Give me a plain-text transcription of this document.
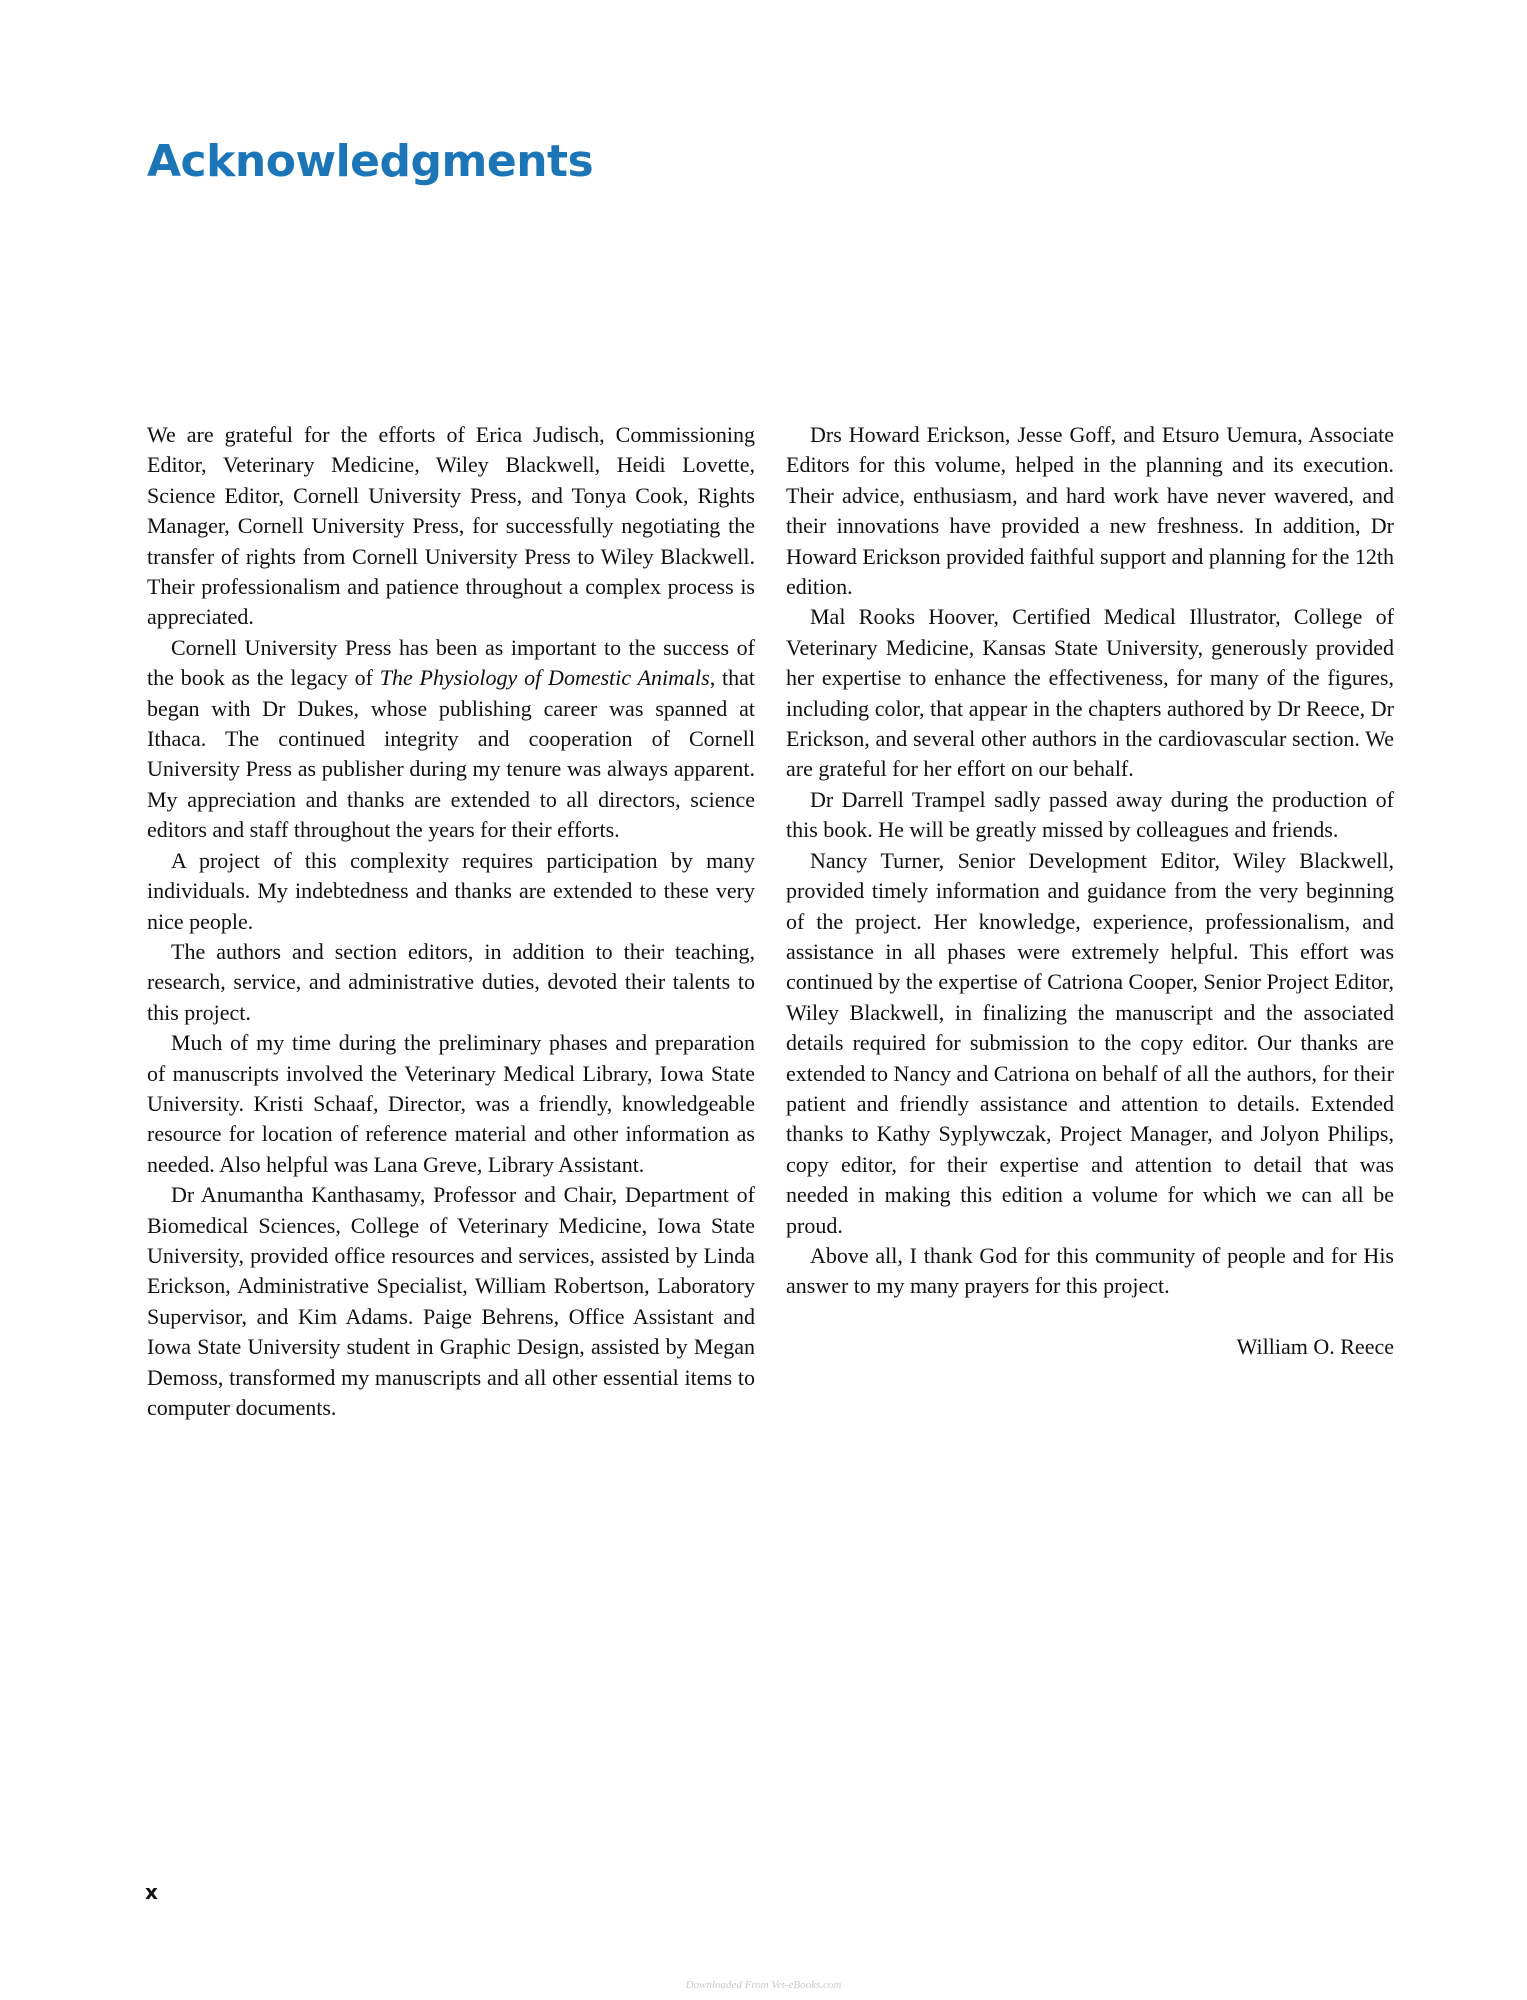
Acknowledgments

We are grateful for the efforts of Erica Judisch, Commissioning Editor, Veterinary Medicine, Wiley Blackwell, Heidi Lovette, Science Editor, Cornell University Press, and Tonya Cook, Rights Manager, Cornell University Press, for successfully negotiating the transfer of rights from Cornell University Press to Wiley Blackwell. Their professionalism and patience throughout a complex process is appreciated.

Cornell University Press has been as important to the success of the book as the legacy of The Physiology of Domestic Animals, that began with Dr Dukes, whose publishing career was spanned at Ithaca. The continued integrity and cooperation of Cornell University Press as publisher during my tenure was always apparent. My appreciation and thanks are extended to all directors, science editors and staff throughout the years for their efforts.

A project of this complexity requires participation by many individuals. My indebtedness and thanks are extended to these very nice people.

The authors and section editors, in addition to their teaching, research, service, and administrative duties, devoted their talents to this project.

Much of my time during the preliminary phases and preparation of manuscripts involved the Veterinary Medical Library, Iowa State University. Kristi Schaaf, Director, was a friendly, knowledgeable resource for location of reference material and other information as needed. Also helpful was Lana Greve, Library Assistant.

Dr Anumantha Kanthasamy, Professor and Chair, Department of Biomedical Sciences, College of Veterinary Medicine, Iowa State University, provided office resources and services, assisted by Linda Erickson, Administrative Specialist, William Robertson, Laboratory Supervisor, and Kim Adams. Paige Behrens, Office Assistant and Iowa State University student in Graphic Design, assisted by Megan Demoss, transformed my manuscripts and all other essential items to computer documents.

Drs Howard Erickson, Jesse Goff, and Etsuro Uemura, Associate Editors for this volume, helped in the planning and its execution. Their advice, enthusiasm, and hard work have never wavered, and their innovations have provided a new freshness. In addition, Dr Howard Erickson provided faithful support and planning for the 12th edition.

Mal Rooks Hoover, Certified Medical Illustrator, College of Veterinary Medicine, Kansas State University, generously provided her expertise to enhance the effectiveness, for many of the figures, including color, that appear in the chapters authored by Dr Reece, Dr Erickson, and several other authors in the cardiovascular section. We are grateful for her effort on our behalf.

Dr Darrell Trampel sadly passed away during the production of this book. He will be greatly missed by colleagues and friends.

Nancy Turner, Senior Development Editor, Wiley Blackwell, provided timely information and guidance from the very beginning of the project. Her knowledge, experience, professionalism, and assistance in all phases were extremely helpful. This effort was continued by the expertise of Catriona Cooper, Senior Project Editor, Wiley Blackwell, in finalizing the manuscript and the associated details required for submission to the copy editor. Our thanks are extended to Nancy and Catriona on behalf of all the authors, for their patient and friendly assistance and attention to details. Extended thanks to Kathy Syplywczak, Project Manager, and Jolyon Philips, copy editor, for their expertise and attention to detail that was needed in making this edition a volume for which we can all be proud.

Above all, I thank God for this community of people and for His answer to my many prayers for this project.

William O. Reece

x
Downloaded From Vet-eBooks.com
